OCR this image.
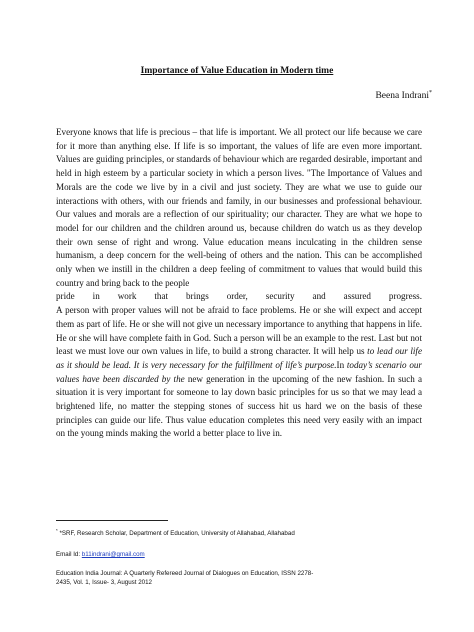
​
Importance of Value Education in Modern time
Beena Indrani*

Everyone knows that life is precious – that life is important. We all protect our life because we care for it more than anything else. If life is so important, the values of life are even more important. Values are guiding principles, or standards of behaviour which are regarded desirable, important and held in high esteem by a particular society in which a person lives. "The Importance of Values and Morals are the code we live by in a civil and just society. They are what we use to guide our interactions with others, with our friends and family, in our businesses and professional behaviour. Our values and morals are a reflection of our spirituality; our character. They are what we hope to model for our children and the children around us, because children do watch us as they develop their own sense of right and wrong. Value education means inculcating in the children sense humanism, a deep concern for the well-being of others and the nation. This can be accomplished only when we instill in the children a deep feeling of commitment to values that would build this country and bring back to the people

pride in work that brings order, security and assured progress.

A person with proper values will not be afraid to face problems. He or she will expect and accept them as part of life. He or she will not give un necessary importance to anything that happens in life. He or she will have complete faith in God. Such a person will be an example to the rest. Last but not least we must love our own values in life, to build a strong character. It will help us to lead our life as it should be lead. It is very necessary for the fulfillment of life’s purpose.In today’s scenario our values have been discarded by the new generation in the upcoming of the new fashion. In such a situation it is very important for someone to lay down basic principles for us so that we may lead a brightened life, no matter the stepping stones of success hit us hard we on the basis of these principles can guide our life. Thus value education completes this need very easily with an impact on the young minds making the world a better place to live in.

* *SRF, Research Scholar, Department of Education, University of Allahabad, Allahabad
Email Id: b11indrani@gmail.com
Education India Journal: A Quarterly Refereed Journal of Dialogues on Education, ISSN 2278-
2435, Vol. 1, Issue- 3, August 2012
